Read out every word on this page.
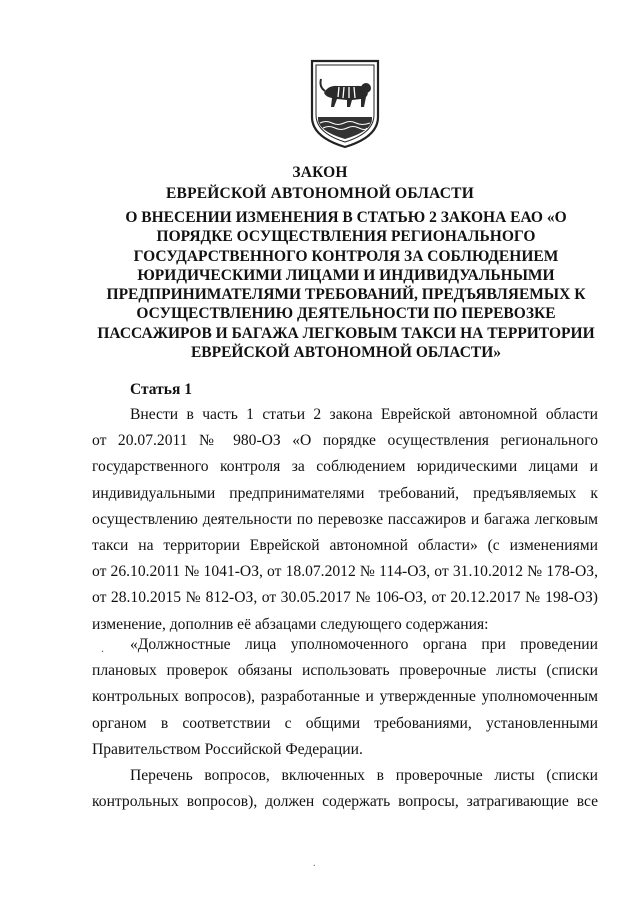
ЗАКОН
ЕВРЕЙСКОЙ АВТОНОМНОЙ ОБЛАСТИ
О ВНЕСЕНИИ ИЗМЕНЕНИЯ В СТАТЬЮ 2 ЗАКОНА ЕАО «О
ПОРЯДКЕ ОСУЩЕСТВЛЕНИЯ РЕГИОНАЛЬНОГО
ГОСУДАРСТВЕННОГО КОНТРОЛЯ ЗА СОБЛЮДЕНИЕМ
ЮРИДИЧЕСКИМИ ЛИЦАМИ И ИНДИВИДУАЛЬНЫМИ
ПРЕДПРИНИМАТЕЛЯМИ ТРЕБОВАНИЙ, ПРЕДЪЯВЛЯЕМЫХ К
ОСУЩЕСТВЛЕНИЮ ДЕЯТЕЛЬНОСТИ ПО ПЕРЕВОЗКЕ
ПАССАЖИРОВ И БАГАЖА ЛЕГКОВЫМ ТАКСИ НА ТЕРРИТОРИИ
ЕВРЕЙСКОЙ АВТОНОМНОЙ ОБЛАСТИ»
Статья 1
Внести в часть 1 статьи 2 закона Еврейской автономной области
от 20.07.2011 № 980-ОЗ «О порядке осуществления регионального
государственного контроля за соблюдением юридическими лицами и
индивидуальными предпринимателями требований, предъявляемых к
осуществлению деятельности по перевозке пассажиров и багажа легковым
такси на территории Еврейской автономной области» (с изменениями
от 26.10.2011 № 1041-ОЗ, от 18.07.2012 № 114-ОЗ, от 31.10.2012 № 178-ОЗ,
от 28.10.2015 № 812-ОЗ, от 30.05.2017 № 106-ОЗ, от 20.12.2017 № 198-ОЗ)
изменение, дополнив её абзацами следующего содержания:
«Должностные лица уполномоченного органа при проведении
плановых проверок обязаны использовать проверочные листы (списки
контрольных вопросов), разработанные и утвержденные уполномоченным
органом в соответствии с общими требованиями, установленными
Правительством Российской Федерации.
Перечень вопросов, включенных в проверочные листы (списки
контрольных вопросов), должен содержать вопросы, затрагивающие все
.
.
